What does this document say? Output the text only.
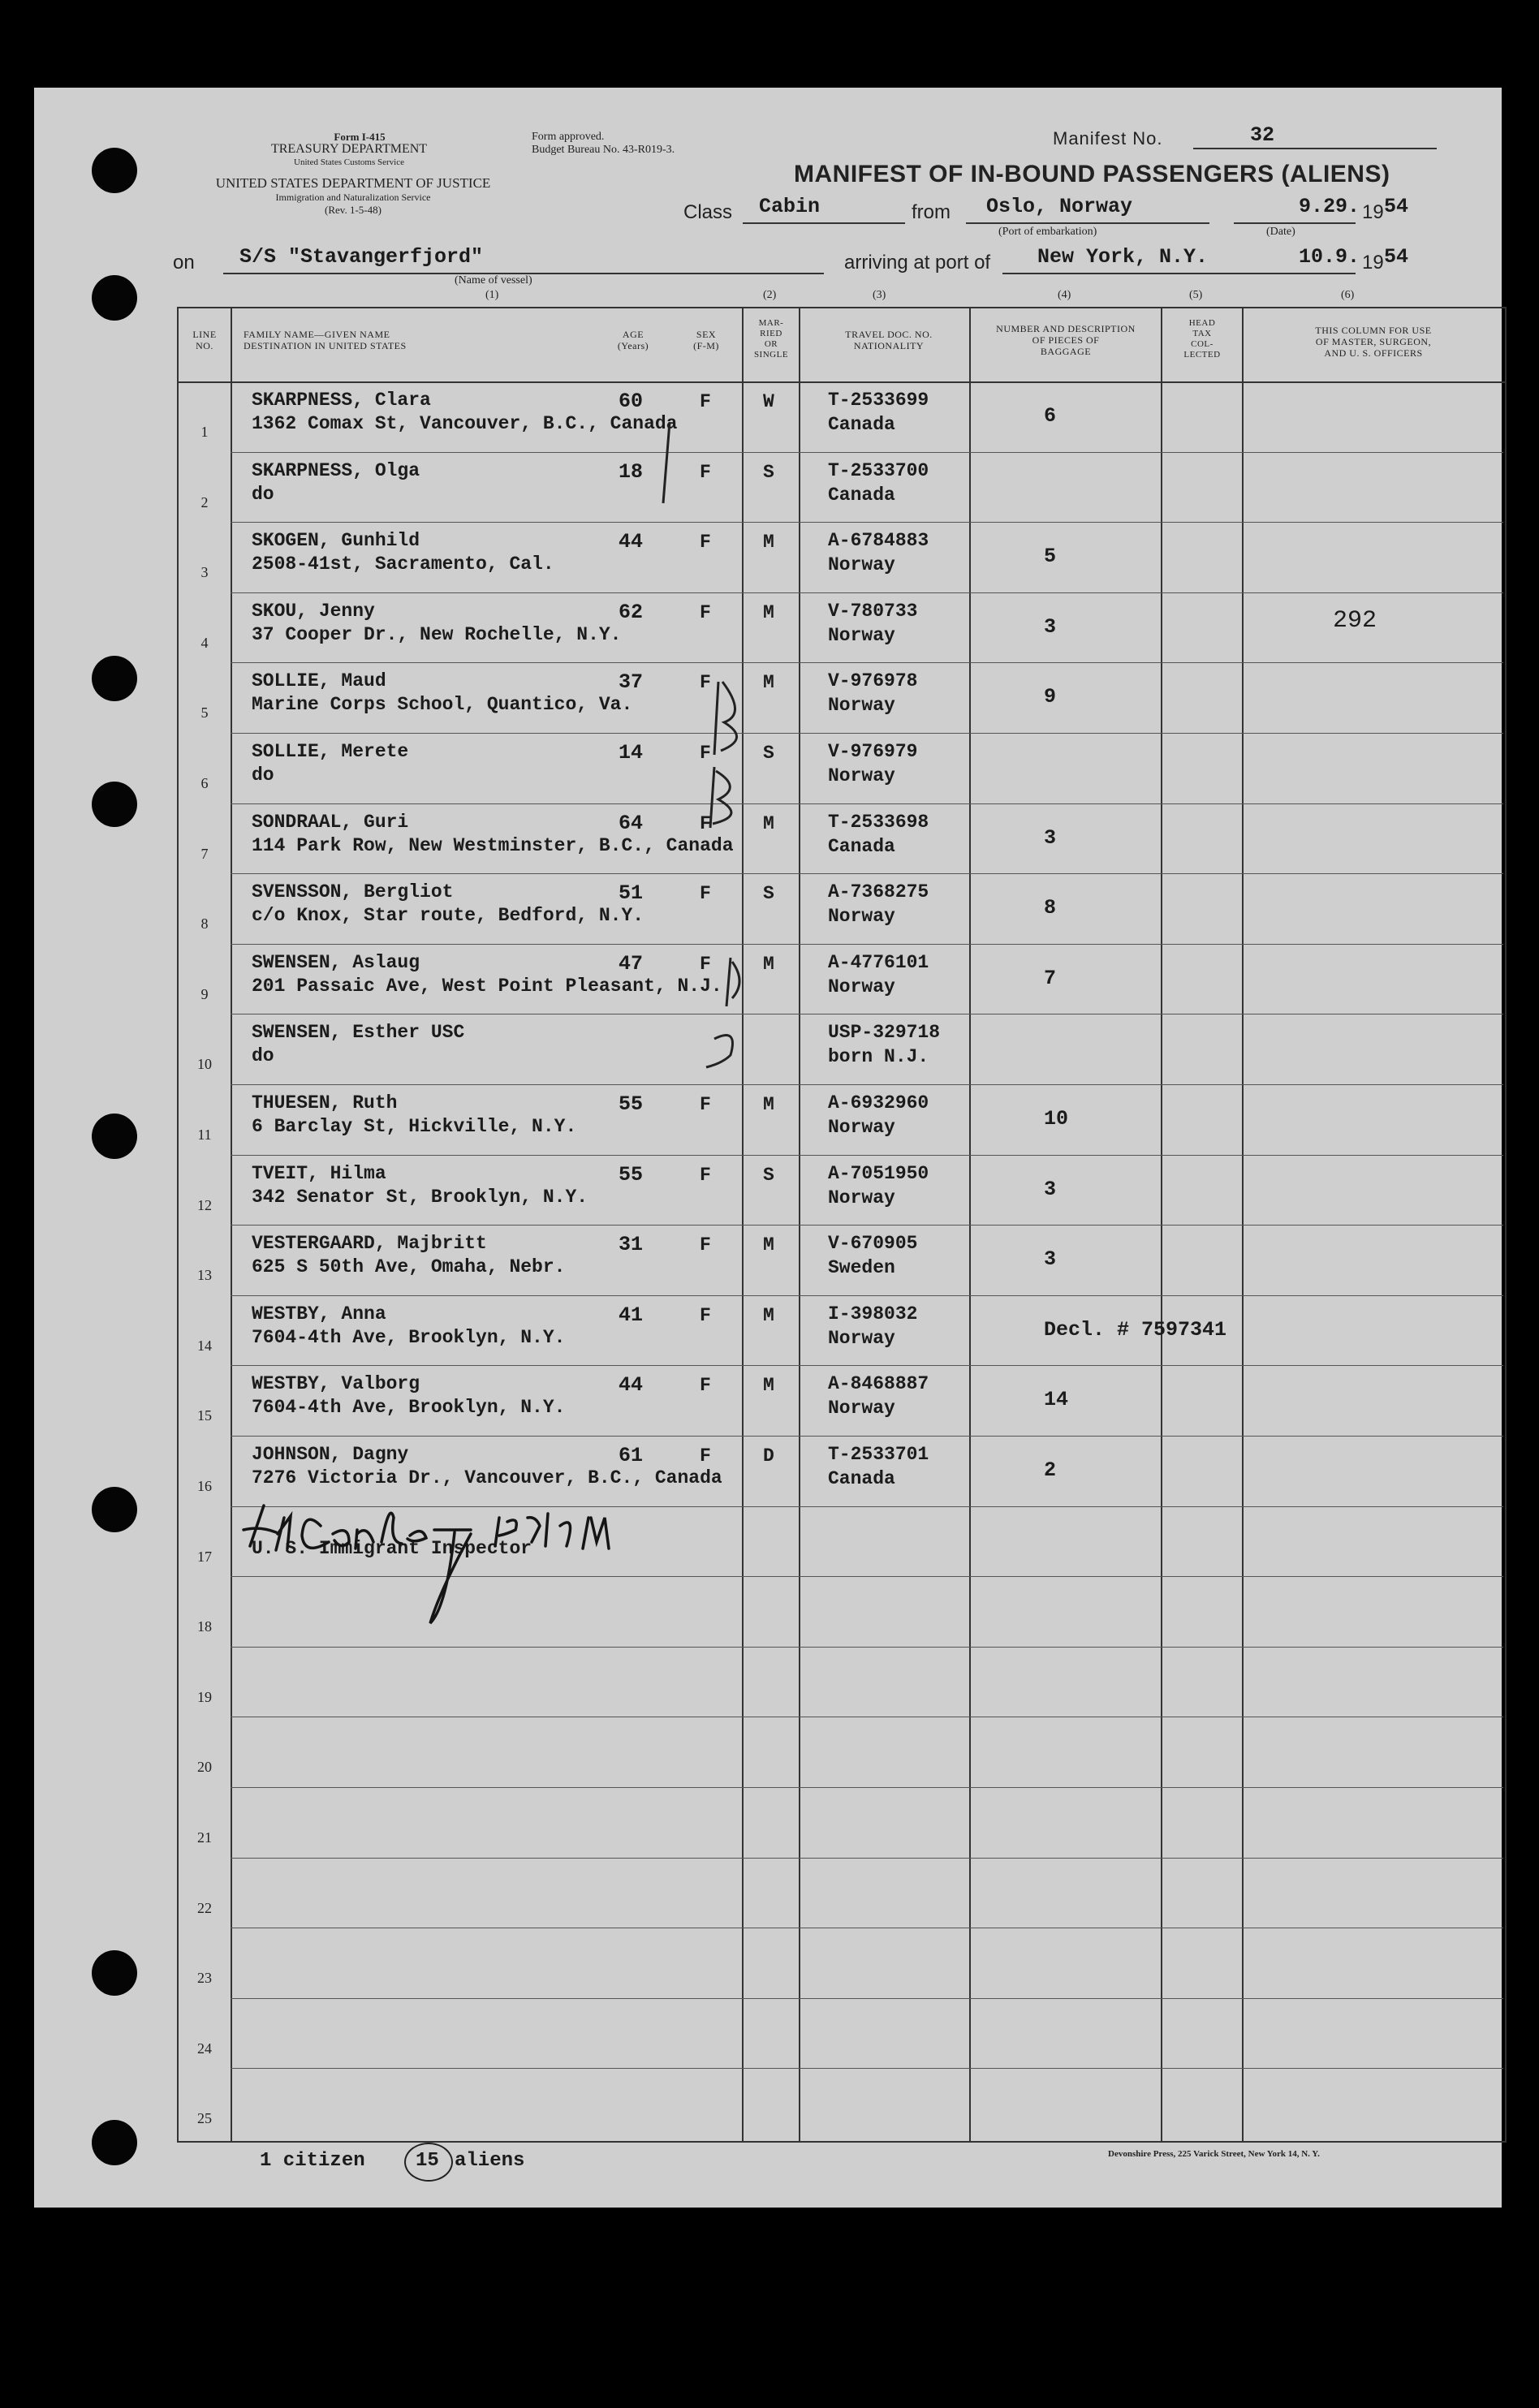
Form I-415
TREASURY DEPARTMENT
United States Customs Service
UNITED STATES DEPARTMENT OF JUSTICE
Immigration and Naturalization Service
(Rev. 1-5-48)
Form approved.
Budget Bureau No. 43-R019-3.
Manifest No.	32
MANIFEST OF IN-BOUND PASSENGERS (ALIENS)
Class Cabin	from Oslo, Norway
(Port of embarkation)
9.29. 19 54
(Date)
on S/S "Stavangerfjord"
(Name of vessel)
(1)
arriving at port of New York, N.Y.	10.9. 19 54
(2)	(3)	(4)	(5)	(6)
LINE
NO.
FAMILY NAME—GIVEN NAME
DESTINATION IN UNITED STATES
AGE
(Years)
SEX
(F-M)
MAR-
RIED
OR
SINGLE
TRAVEL DOC. NO.
NATIONALITY
NUMBER AND DESCRIPTION
OF PIECES OF
BAGGAGE
HEAD
TAX
COL-
LECTED
THIS COLUMN FOR USE
OF MASTER, SURGEON,
AND U. S. OFFICERS
1
SKARPNESS, Clara
1362 Comax St, Vancouver, B.C., Canada
60	F	W	T-2533699
Canada	6
2
SKARPNESS, Olga
do
18	F	S	T-2533700
Canada
3
SKOGEN, Gunhild
2508-41st, Sacramento, Cal.
44	F	M	A-6784883
Norway	5
4
SKOU, Jenny
37 Cooper Dr., New Rochelle, N.Y.
62	F	M	V-780733
Norway	3	292
5
SOLLIE, Maud
Marine Corps School, Quantico, Va.
37	F	M	V-976978
Norway	9
6
SOLLIE, Merete
do
14	F	S	V-976979
Norway
7
SONDRAAL, Guri
114 Park Row, New Westminster, B.C., Canada
64	F	M	T-2533698
Canada	3
8
SVENSSON, Bergliot
c/o Knox, Star route, Bedford, N.Y.
51	F	S	A-7368275
Norway	8
9
SWENSEN, Aslaug
201 Passaic Ave, West Point Pleasant, N.J.
47	F	M	A-4776101
Norway	7
10
SWENSEN, Esther USC
do
USP-329718
born N.J.
11
THUESEN, Ruth
6 Barclay St, Hickville, N.Y.
55	F	M	A-6932960
Norway	10
12
TVEIT, Hilma
342 Senator St, Brooklyn, N.Y.
55	F	S	A-7051950
Norway	3
13
VESTERGAARD, Majbritt
625 S 50th Ave, Omaha, Nebr.
31	F	M	V-670905
Sweden	3
14
WESTBY, Anna
7604-4th Ave, Brooklyn, N.Y.
41	F	M	I-398032
Norway	Decl. # 7597341
15
WESTBY, Valborg
7604-4th Ave, Brooklyn, N.Y.
44	F	M	A-8468887
Norway	14
16
JOHNSON, Dagny
7276 Victoria Dr., Vancouver, B.C., Canada
61	F	D	T-2533701
Canada	2
17	U. S. Immigrant Inspector
18
19
20
21
22
23
24
25
1 citizen	15 aliens	Devonshire Press, 225 Varick Street, New York 14, N. Y.
